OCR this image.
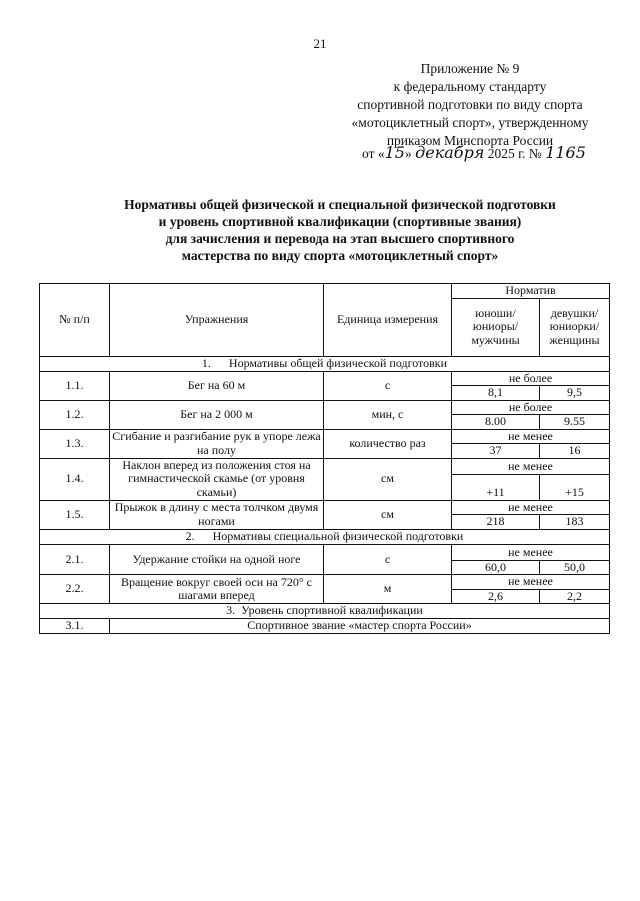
21
Приложение № 9
к федеральному стандарту
спортивной подготовки по виду спорта
«мотоциклетный спорт», утвержденному
приказом Минспорта России
от «15» декабря 2025 г. № 1165
Нормативы общей физической и специальной физической подготовки
и уровень спортивной квалификации (спортивные звания)
для зачисления и перевода на этап высшего спортивного
мастерства по виду спорта «мотоциклетный спорт»
№ п/п	Упражнения	Единица измерения	Норматив	
			юноши/ юниоры/ мужчины	девушки/ юниорки/ женщины
1.      Нормативы общей физической подготовки				
1.1.	Бег на 60 м	с	не более	
			8,1	9,5
1.2.	Бег на 2 000 м	мин, с	не более	
			8.00	9.55
1.3.	Сгибание и разгибание рук в упоре лежа на полу	количество раз	не менее	
			37	16
1.4.	Наклон вперед из положения стоя на гимнастической скамье (от уровня скамьи)	см	не менее	
			+11	+15
1.5.	Прыжок в длину с места толчком двумя ногами	см	не менее	
			218	183
2.      Нормативы специальной физической подготовки				
2.1.	Удержание стойки на одной ноге	с	не менее	
			60,0	50,0
2.2.	Вращение вокруг своей оси на 720° с шагами вперед	м	не менее	
			2,6	2,2
3.  Уровень спортивной квалификации				
3.1.	Спортивное звание «мастер спорта России»			
